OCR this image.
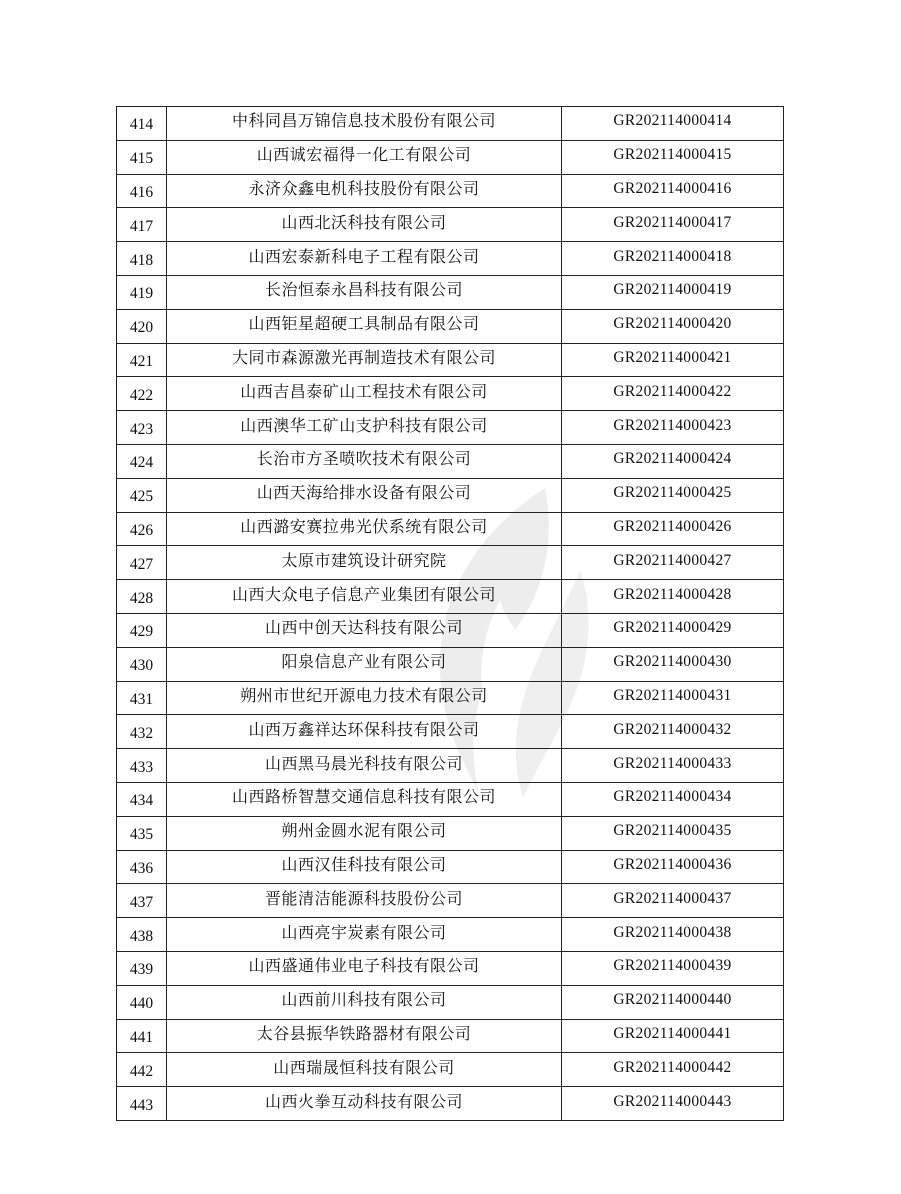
414	中科同昌万锦信息技术股份有限公司	GR202114000414
415	山西诚宏福得一化工有限公司	GR202114000415
416	永济众鑫电机科技股份有限公司	GR202114000416
417	山西北沃科技有限公司	GR202114000417
418	山西宏泰新科电子工程有限公司	GR202114000418
419	长治恒泰永昌科技有限公司	GR202114000419
420	山西钜星超硬工具制品有限公司	GR202114000420
421	大同市森源激光再制造技术有限公司	GR202114000421
422	山西吉昌泰矿山工程技术有限公司	GR202114000422
423	山西澳华工矿山支护科技有限公司	GR202114000423
424	长治市方圣喷吹技术有限公司	GR202114000424
425	山西天海给排水设备有限公司	GR202114000425
426	山西潞安赛拉弗光伏系统有限公司	GR202114000426
427	太原市建筑设计研究院	GR202114000427
428	山西大众电子信息产业集团有限公司	GR202114000428
429	山西中创天达科技有限公司	GR202114000429
430	阳泉信息产业有限公司	GR202114000430
431	朔州市世纪开源电力技术有限公司	GR202114000431
432	山西万鑫祥达环保科技有限公司	GR202114000432
433	山西黑马晨光科技有限公司	GR202114000433
434	山西路桥智慧交通信息科技有限公司	GR202114000434
435	朔州金圆水泥有限公司	GR202114000435
436	山西汉佳科技有限公司	GR202114000436
437	晋能清洁能源科技股份公司	GR202114000437
438	山西亮宇炭素有限公司	GR202114000438
439	山西盛通伟业电子科技有限公司	GR202114000439
440	山西前川科技有限公司	GR202114000440
441	太谷县振华铁路器材有限公司	GR202114000441
442	山西瑞晟恒科技有限公司	GR202114000442
443	山西火拳互动科技有限公司	GR202114000443
